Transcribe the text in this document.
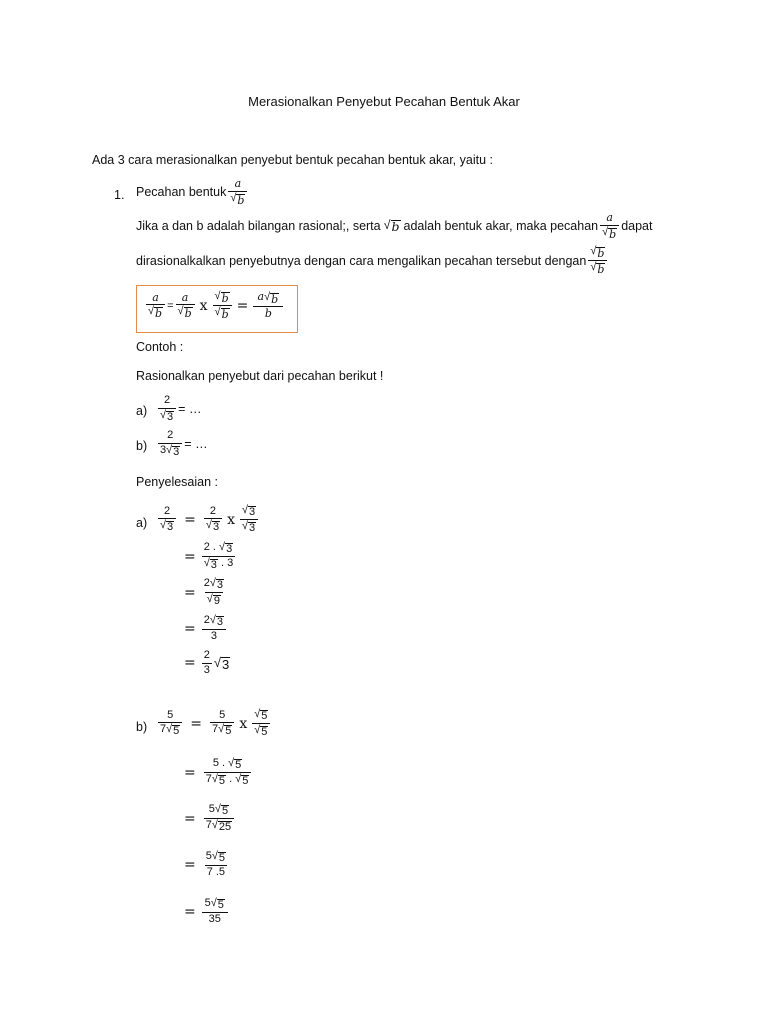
Merasionalkan Penyebut Pecahan Bentuk Akar
Ada 3 cara merasionalkan penyebut bentuk pecahan bentuk akar, yaitu :
1. Pecahan bentuk $\frac{a}{√ b}$
Jika a dan b adalah bilangan rasional;, serta √ b adalah bentuk akar, maka pecahan $\frac{a}{√ b}$ dapat
dirasionalkalkan penyebutnya dengan cara mengalikan pecahan tersebut dengan $\frac{√ b}{√ b}$
$\frac{a}{√ b} = \frac{a}{√ b}$ x $\frac{√ b}{√ b} = \frac{a √ b}{b}$
Contoh :
Rasionalkan penyebut dari pecahan berikut !
$a) \frac{2}{√ 3}$ = …
$b) \frac{2}{3 √ 3}$ = …
Penyelesaian :
$a) \frac{2}{√ 3} = \frac{2}{√ 3}$ x $\frac{√ 3}{√ 3}$
= $\frac{2 . √ 3}{√ 3 . 3}$
= $\frac{2 √ 3}{√ 9}$
= $\frac{2 √ 3}{3}$
= $\frac{2}{3}$ √ 3
$b) \frac{5}{7 √ 5} = \frac{5}{7 √ 5}$ x $\frac{√ 5}{√ 5}$
= $\frac{5 . √ 5}{7 √ 5 . √ 5}$
= $\frac{5 √ 5}{7 √ 25}$
= $\frac{5 √ 5}{7 .5}$
= $\frac{5 √ 5}{35}$
